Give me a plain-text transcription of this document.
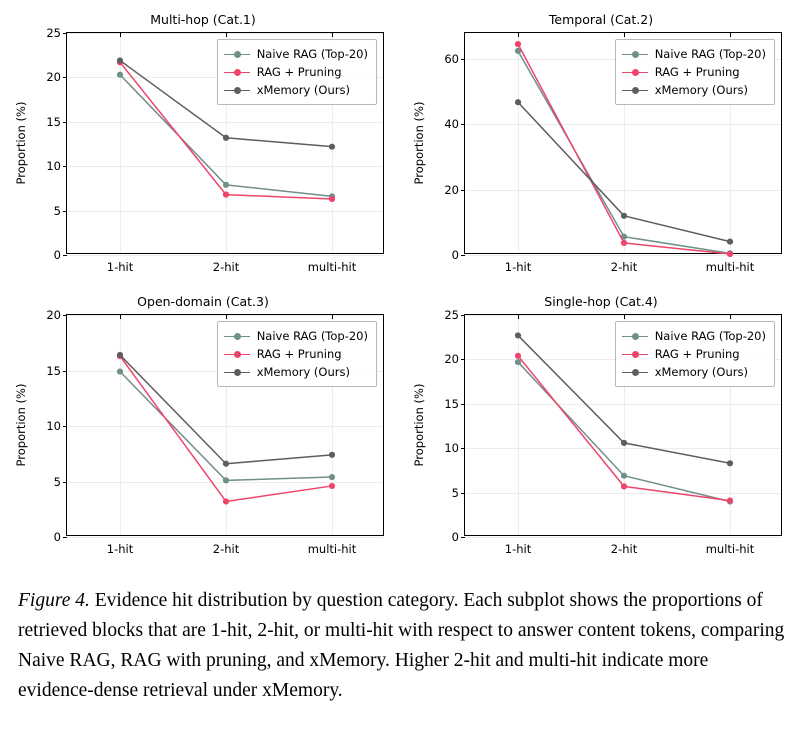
Multi-hop (Cat.1)
Proportion (%)
0
5
10
15
20
25
1-hit	2-hit	multi-hit
Naive RAG (Top-20)
RAG + Pruning
xMemory (Ours)
Temporal (Cat.2)
Proportion (%)
0
20
40
60
1-hit	2-hit	multi-hit
Naive RAG (Top-20)
RAG + Pruning
xMemory (Ours)
Open-domain (Cat.3)
Proportion (%)
0
5
10
15
20
1-hit	2-hit	multi-hit
Naive RAG (Top-20)
RAG + Pruning
xMemory (Ours)
Single-hop (Cat.4)
Proportion (%)
0
5
10
15
20
25
1-hit	2-hit	multi-hit
Naive RAG (Top-20)
RAG + Pruning
xMemory (Ours)
Figure 4. Evidence hit distribution by question category. Each subplot shows the proportions of retrieved blocks that are 1-hit, 2-hit, or multi-hit with respect to answer content tokens, comparing Naive RAG, RAG with pruning, and xMemory. Higher 2-hit and multi-hit indicate more evidence-dense retrieval under xMemory.
